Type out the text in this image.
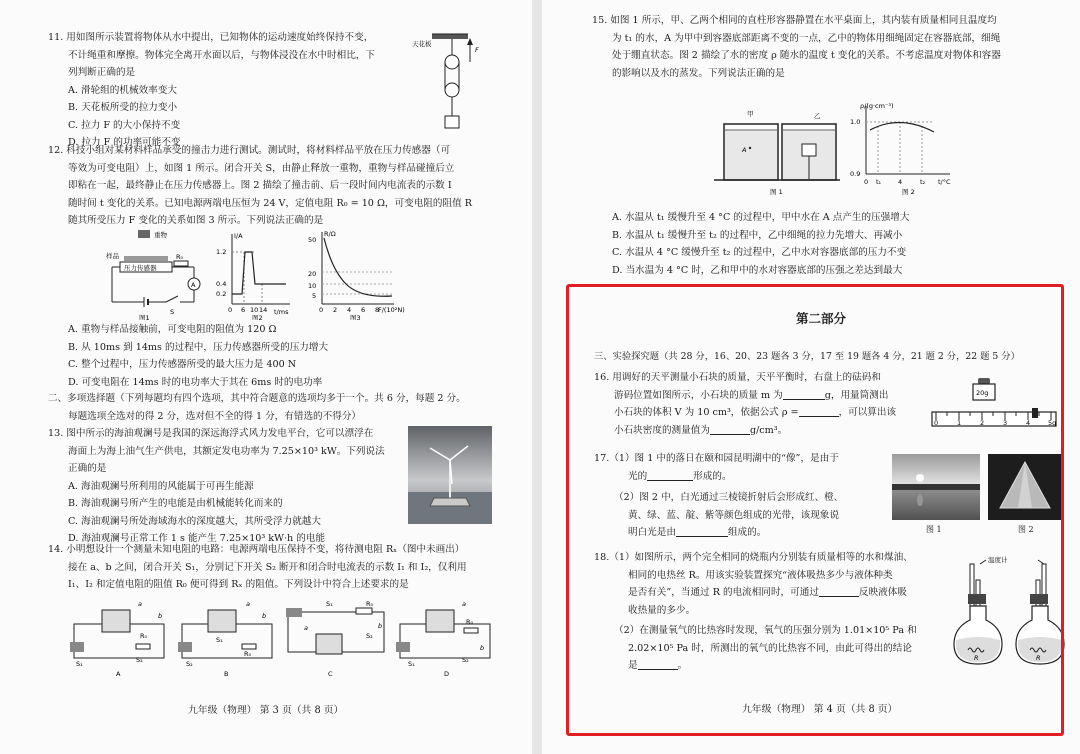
11. 用如图所示装置将物体从水中提出，已知物体的运动速度始终保持不变，

不计绳重和摩擦。物体完全离开水面以后，与物体浸没在水中时相比，下

列判断正确的是

A. 滑轮组的机械效率变大

B. 天花板所受的拉力变小

C. 拉力 F 的大小保持不变

D. 拉力 F 的功率可能不变

天花板
F

12. 科技小组对某材料样品承受的撞击力进行测试。测试时，将材料样品平放在压力传感器（可

等效为可变电阻）上，如图 1 所示。闭合开关 S，由静止释放一重物，重物与样品碰撞后立

即粘在一起，最终静止在压力传感器上。图 2 描绘了撞击前、后一段时间内电流表的示数 I

随时间 t 变化的关系。已知电源两端电压恒为 24 V，定值电阻 R₀ = 10 Ω，可变电阻的阻值 R

随其所受压力 F 变化的关系如图 3 所示。下列说法正确的是

重物
样品
压力传感器
R₀
A
S
图1
I/A
t/ms
1.2
0.4
0.2
0 6 10 14
图2
R/Ω
F/(10²N)
50
20
10
5
0 2 4 6 8
图3

A. 重物与样品接触前，可变电阻的阻值为 120 Ω

B. 从 10ms 到 14ms 的过程中，压力传感器所受的压力增大

C. 整个过程中，压力传感器所受的最大压力是 400 N

D. 可变电阻在 14ms 时的电功率大于其在 6ms 时的电功率

二、多项选择题（下列每题均有四个选项，其中符合题意的选项均多于一个。共 6 分，每题 2 分。

每题选项全选对的得 2 分，选对但不全的得 1 分，有错选的不得分）

13. 图中所示的海油观澜号是我国的深远海浮式风力发电平台，它可以漂浮在

海面上为海上油气生产供电，其额定发电功率为 7.25×10³ kW。下列说法

正确的是

A. 海油观澜号所利用的风能属于可再生能源

B. 海油观澜号所产生的电能是由机械能转化而来的

C. 海油观澜号所处海域海水的深度越大，其所受浮力就越大

D. 海油观澜号正常工作 1 s 能产生 7.25×10³ kW·h 的电能

14. 小明想设计一个测量未知电阻的电路：电源两端电压保持不变，将待测电阻 Rₓ（图中未画出）

接在 a、b 之间，闭合开关 S₁，分别记下开关 S₂ 断开和闭合时电流表的示数 I₁ 和 I₂，仅利用

I₁、I₂ 和定值电阻的阻值 R₀ 便可得到 Rₓ 的阻值。下列设计中符合上述要求的是

R₀
a
b
S₁	S₂
A
R₀
a
b
S₁
S₂
B
R₀
S₁
a
S₂
b
C
R₀
a
b
S₁	S₂
D
九年级（物理） 第 3 页（共 8 页）

15. 如图 1 所示，甲、乙两个相同的直柱形容器静置在水平桌面上，其内装有质量相同且温度均

为 t₁ 的水，A 为甲中到容器底部距离不变的一点，乙中的物体用细绳固定在容器底部，细绳

处于绷直状态。图 2 描绘了水的密度 ρ 随水的温度 t 变化的关系。不考虑温度对物体和容器

的影响以及水的蒸发。下列说法正确的是

甲
A
乙
图 1
ρ/(g·cm⁻³)
t/°C
1.0
0.9
0 t₁	4	t₂
图 2

A. 水温从 t₁ 缓慢升至 4 °C 的过程中，甲中水在 A 点产生的压强增大

B. 水温从 t₁ 缓慢升至 t₂ 的过程中，乙中细绳的拉力先增大、再减小

C. 水温从 4 °C 缓慢升至 t₂ 的过程中，乙中水对容器底部的压力不变

D. 当水温为 4 °C 时，乙和甲中的水对容器底部的压强之差达到最大

第二部分
三、实验探究题（共 28 分，16、20、23 题各 3 分，17 至 19 题各 4 分，21 题 2 分，22 题 5 分）

16. 用调好的天平测量小石块的质量，天平平衡时，右盘上的砝码和

游码位置如图所示，小石块的质量 m 为	g，用量筒测出

小石块的体积 V 为 10 cm³，依据公式 ρ =	，可以算出该

小石块密度的测量值为	g/cm³。

20g
0	1	2	3	4	5g

17.（1）图 1 中的落日在颐和园昆明湖中的“像”，是由于

光的	形成的。

（2）图 2 中，白光通过三棱镜折射后会形成红、橙、

黄、绿、蓝、靛、紫等颜色组成的光带，该现象说

明白光是由	组成的。	图 1	图 2

18.（1）如图所示，两个完全相同的烧瓶内分别装有质量相等的水和煤油、

相同的电热丝 R。用该实验装置探究“液体吸热多少与液体种类

是否有关”，当通过 R 的电流相同时，可通过	反映液体吸

收热量的多少。

（2）在测量氧气的比热容时发现，氧气的压强分别为 1.01×10⁵ Pa 和

2.02×10⁵ Pa 时，所测出的氧气的比热容不同，由此可得出的结论

是	。

温度计
R	R
九年级（物理） 第 4 页（共 8 页）
